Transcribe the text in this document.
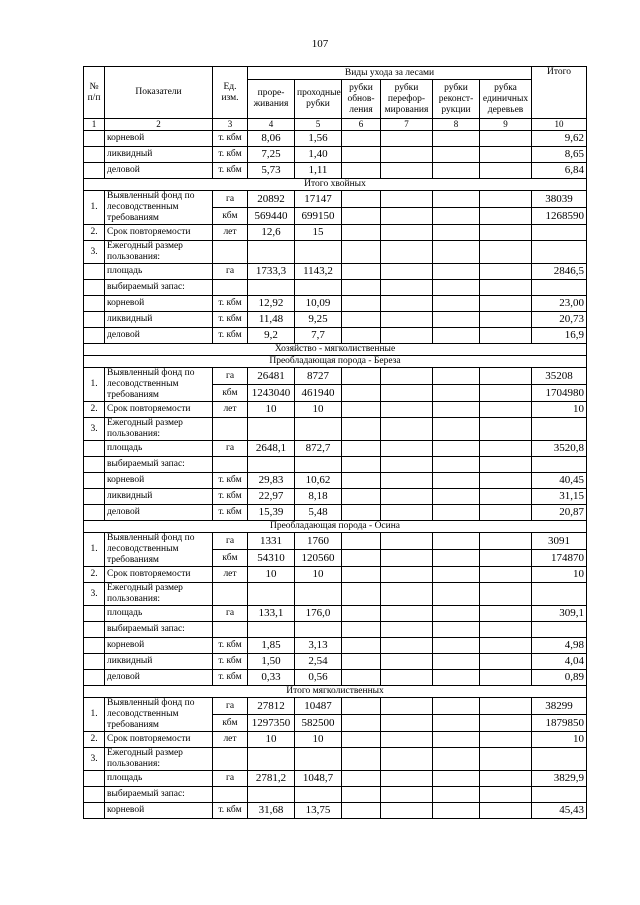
107
№ п/п	Показатели	Ед. изм.	Виды ухода за лесами						Итого
			проре-живания	проходные рубки	рубки обнов-ления	рубки перефор-мирования	рубки реконст-рукции	рубка единичных деревьев	
1	2	3	4	5	6	7	8	9	10
	корневой	т. кбм	8,06	1,56					9,62
	ликвидный	т. кбм	7,25	1,40					8,65
	деловой	т. кбм	5,73	1,11					6,84
Итого хвойных									
1.	Выявленный фонд по лесоводственным требованиям	га	20892	17147					38039
		кбм	569440	699150					1268590
2.	Срок повторяемости	лет	12,6	15					
3.	Ежегодный размер пользования:								
	площадь	га	1733,3	1143,2					2846,5
	выбираемый запас:								
	корневой	т. кбм	12,92	10,09					23,00
	ликвидный	т. кбм	11,48	9,25					20,73
	деловой	т. кбм	9,2	7,7					16,9
Хозяйство - мягколиственные									
Преобладающая порода - Береза									
1.	Выявленный фонд по лесоводственным требованиям	га	26481	8727					35208
		кбм	1243040	461940					1704980
2.	Срок повторяемости	лет	10	10					10
3.	Ежегодный размер пользования:								
	площадь	га	2648,1	872,7					3520,8
	выбираемый запас:								
	корневой	т. кбм	29,83	10,62					40,45
	ликвидный	т. кбм	22,97	8,18					31,15
	деловой	т. кбм	15,39	5,48					20,87
Преобладающая порода - Осина									
1.	Выявленный фонд по лесоводственным требованиям	га	1331	1760					3091
		кбм	54310	120560					174870
2.	Срок повторяемости	лет	10	10					10
3.	Ежегодный размер пользования:								
	площадь	га	133,1	176,0					309,1
	выбираемый запас:								
	корневой	т. кбм	1,85	3,13					4,98
	ликвидный	т. кбм	1,50	2,54					4,04
	деловой	т. кбм	0,33	0,56					0,89
Итого мягколиственных									
1.	Выявленный фонд по лесоводственным требованиям	га	27812	10487					38299
		кбм	1297350	582500					1879850
2.	Срок повторяемости	лет	10	10					10
3.	Ежегодный размер пользования:								
	площадь	га	2781,2	1048,7					3829,9
	выбираемый запас:								
	корневой	т. кбм	31,68	13,75					45,43
